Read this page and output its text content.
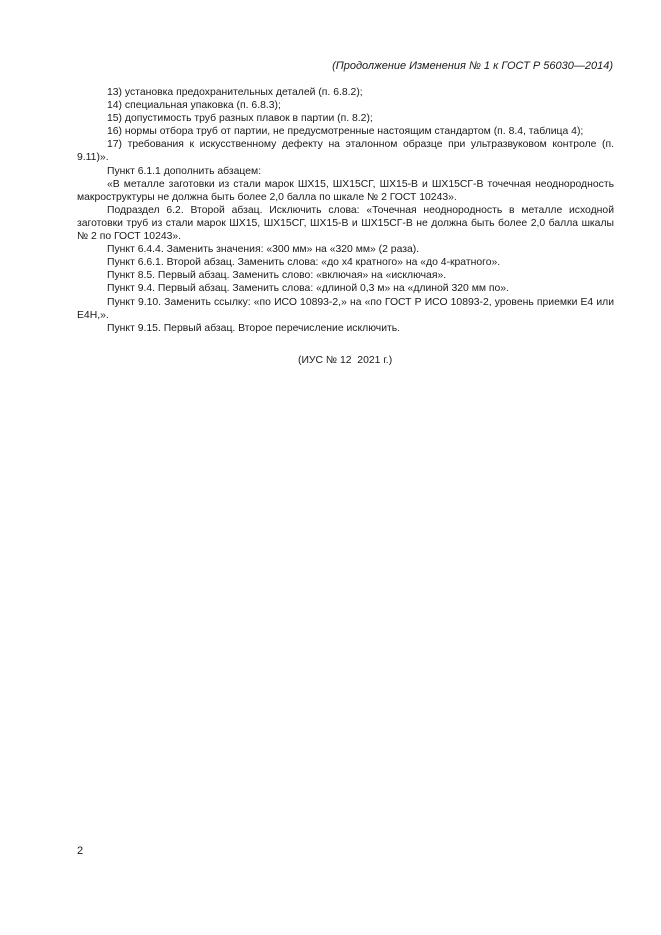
(Продолжение Изменения № 1 к ГОСТ Р 56030—2014)

13) установка предохранительных деталей (п. 6.8.2);

14) специальная упаковка (п. 6.8.3);

15) допустимость труб разных плавок в партии (п. 8.2);

16) нормы отбора труб от партии, не предусмотренные настоящим стандартом (п. 8.4, таблица 4);

17) требования к искусственному дефекту на эталонном образце при ультразвуковом контроле (п. 9.11)».

Пункт 6.1.1 дополнить абзацем:

«В металле заготовки из стали марок ШХ15, ШХ15СГ, ШХ15-В и ШХ15СГ-В точечная неоднородность макроструктуры не должна быть более 2,0 балла по шкале № 2 ГОСТ 10243».

Подраздел 6.2. Второй абзац. Исключить слова: «Точечная неоднородность в металле исходной заготовки труб из стали марок ШХ15, ШХ15СГ, ШХ15-В и ШХ15СГ-В не должна быть более 2,0 балла шкалы № 2 по ГОСТ 10243».

Пункт 6.4.4. Заменить значения: «300 мм» на «320 мм» (2 раза).

Пункт 6.6.1. Второй абзац. Заменить слова: «до х4 кратного» на «до 4-кратного».

Пункт 8.5. Первый абзац. Заменить слово: «включая» на «исключая».

Пункт 9.4. Первый абзац. Заменить слова: «длиной 0,3 м» на «длиной 320 мм по».

Пункт 9.10. Заменить ссылку: «по ИСО 10893-2,» на «по ГОСТ Р ИСО 10893-2, уровень приемки Е4 или Е4Н,».

Пункт 9.15. Первый абзац. Второе перечисление исключить.

(ИУС № 12  2021 г.)
2
